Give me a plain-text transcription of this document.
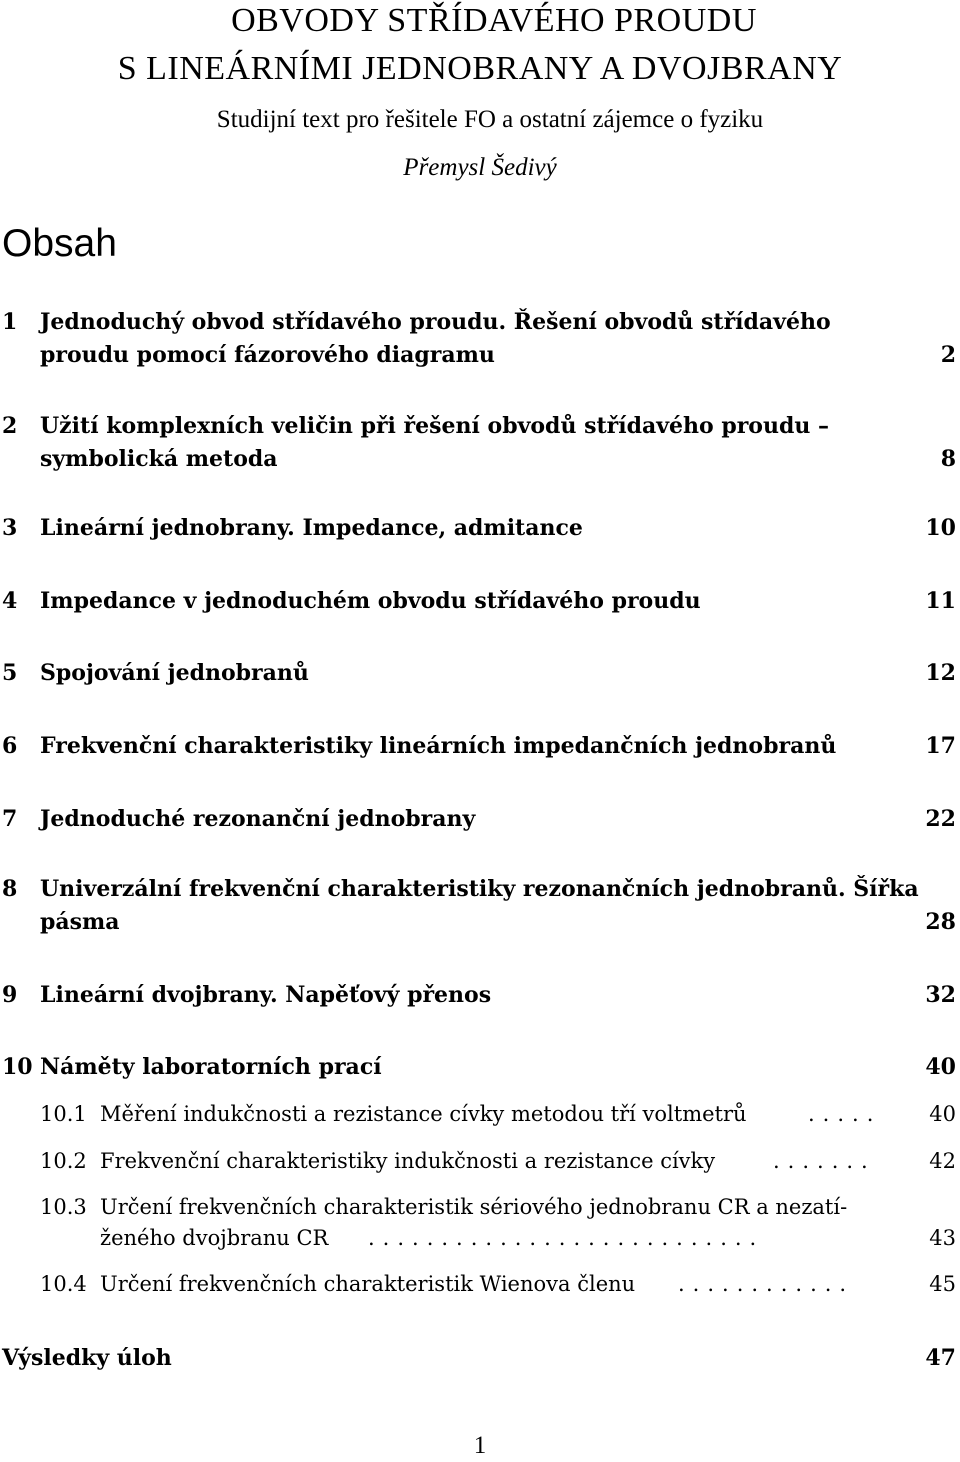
OBVODY STŘÍDAVÉHO PROUDU
S LINEÁRNÍMI JEDNOBRANY A DVOJBRANY
Studijní text pro řešitele FO a ostatní zájemce o fyziku
Přemysl Šedivý
Obsah
1 Jednoduchý obvod střídavého proudu. Řešení obvodů střídavého
proudu pomocí fázorového diagramu	2
2 Užití komplexních veličin při řešení obvodů střídavého proudu –
symbolická metoda	8
3 Lineární jednobrany. Impedance, admitance	10
4 Impedance v jednoduchém obvodu střídavého proudu	11
5 Spojování jednobranů	12
6 Frekvenční charakteristiky lineárních impedančních jednobranů	17
7 Jednoduché rezonanční jednobrany	22
8 Univerzální frekvenční charakteristiky rezonančních jednobranů. Šířka
pásma	28
9 Lineární dvojbrany. Napěťový přenos	32
10 Náměty laboratorních prací	40
10.1 Měření indukčnosti a rezistance cívky metodou tří voltmetrů	..... 40
10.2 Frekvenční charakteristiky indukčnosti a rezistance cívky	.......	42
10.3 Určení frekvenčních charakteristik sériového jednobranu CR a nezatí-
ženého dvojbranu CR ...........................	43
10.4 Určení frekvenčních charakteristik Wienova členu ............	45
Výsledky úloh	47
1
